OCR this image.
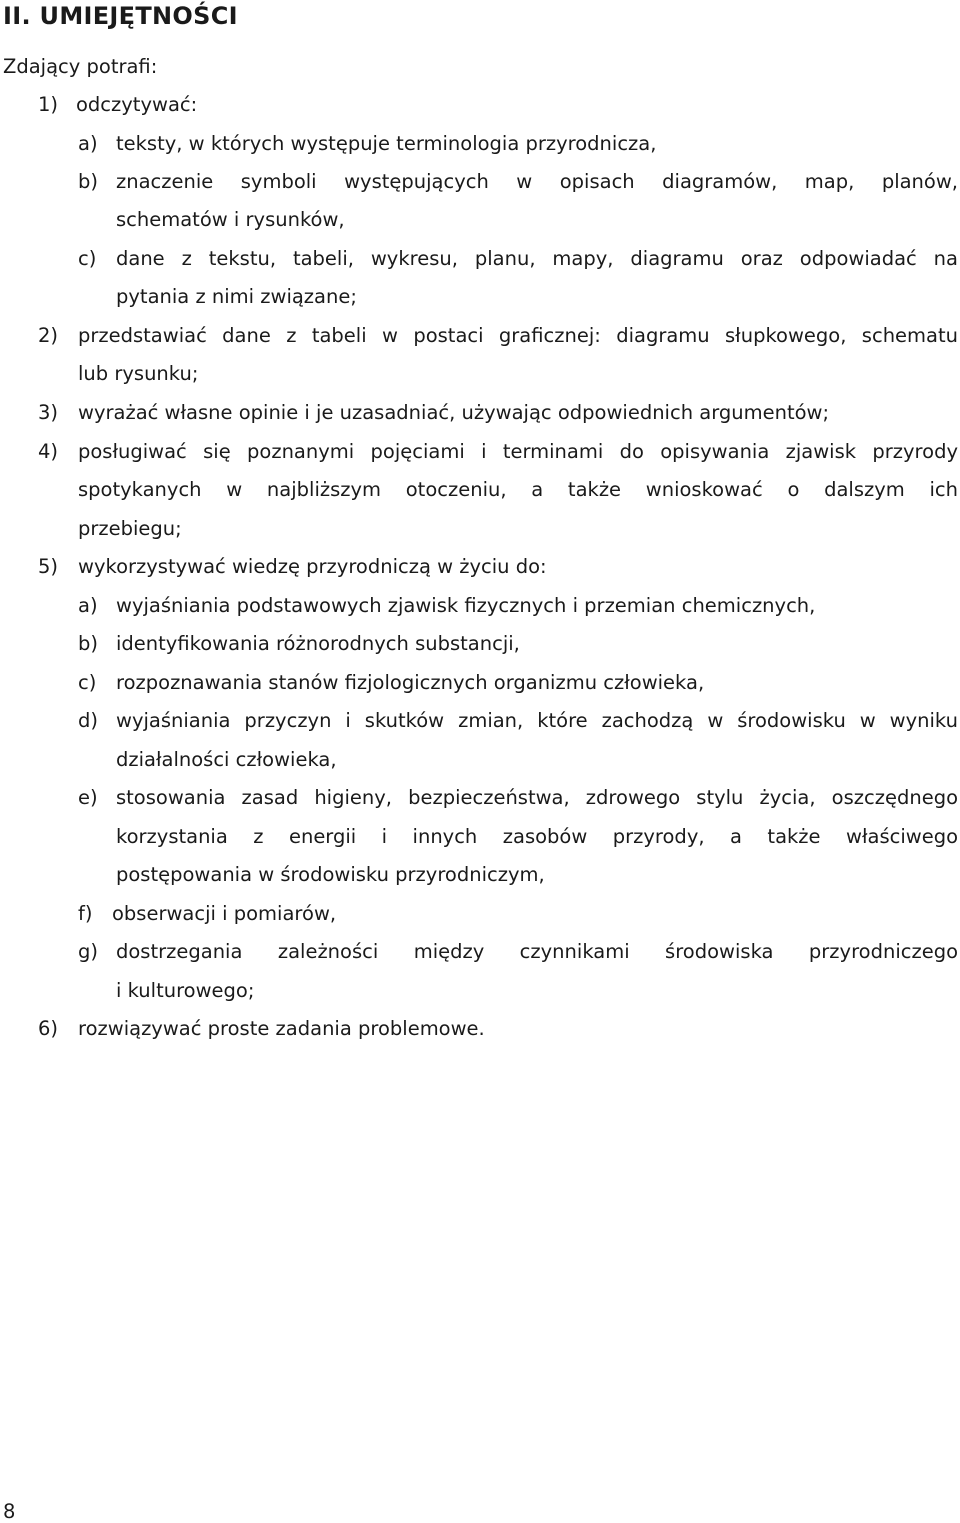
II. UMIEJĘTNOŚCI
Zdający potrafi:
1) odczytywać:
a) teksty, w których występuje terminologia przyrodnicza,
b) znaczenie symboli występujących w opisach diagramów, map, planów,
schematów i rysunków,
c) dane z tekstu, tabeli, wykresu, planu, mapy, diagramu oraz odpowiadać na
pytania z nimi związane;
2) przedstawiać dane z tabeli w postaci graficznej: diagramu słupkowego, schematu
lub rysunku;
3) wyrażać własne opinie i je uzasadniać, używając odpowiednich argumentów;
4) posługiwać się poznanymi pojęciami i terminami do opisywania zjawisk przyrody
spotykanych w najbliższym otoczeniu, a także wnioskować o dalszym ich
przebiegu;
5) wykorzystywać wiedzę przyrodniczą w życiu do:
a) wyjaśniania podstawowych zjawisk fizycznych i przemian chemicznych,
b) identyfikowania różnorodnych substancji,
c) rozpoznawania stanów fizjologicznych organizmu człowieka,
d) wyjaśniania przyczyn i skutków zmian, które zachodzą w środowisku w wyniku
działalności człowieka,
e) stosowania zasad higieny, bezpieczeństwa, zdrowego stylu życia, oszczędnego
korzystania z energii i innych zasobów przyrody, a także właściwego
postępowania w środowisku przyrodniczym,
f) obserwacji i pomiarów,
g) dostrzegania zależności między czynnikami środowiska przyrodniczego
i kulturowego;
6) rozwiązywać proste zadania problemowe.
8
